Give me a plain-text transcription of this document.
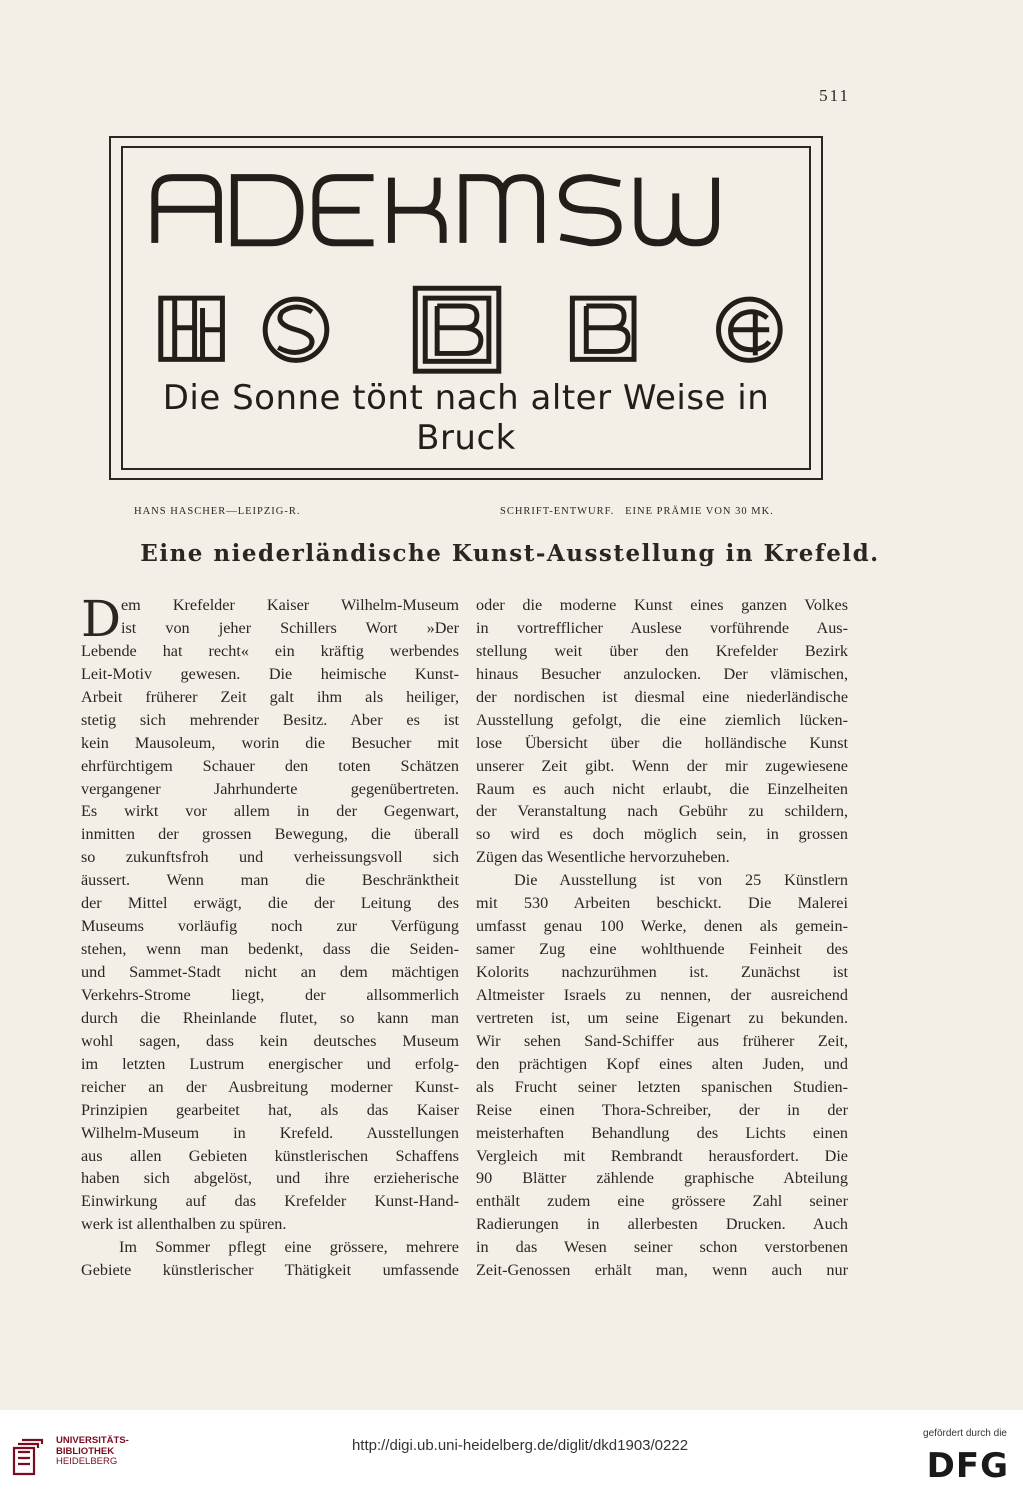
511
Die Sonne tönt nach alter Weise in Bruck
HANS HASCHER—LEIPZIG-R.	SCHRIFT-ENTWURF.   EINE PRÄMIE VON 30 MK.
Eine niederländische Kunst-Ausstellung in Krefeld.
D em Krefelder Kaiser Wilhelm-Museum
ist von jeher Schillers Wort »Der
Lebende hat recht« ein kräftig werbendes
Leit-Motiv gewesen. Die heimische Kunst-
Arbeit früherer Zeit galt ihm als heiliger,
stetig sich mehrender Besitz. Aber es ist
kein Mausoleum, worin die Besucher mit
ehrfürchtigem Schauer den toten Schätzen
vergangener Jahrhunderte gegenübertreten.
Es wirkt vor allem in der Gegenwart,
inmitten der grossen Bewegung, die überall
so zukunftsfroh und verheissungsvoll sich
äussert. Wenn man die Beschränktheit
der Mittel erwägt, die der Leitung des
Museums vorläufig noch zur Verfügung
stehen, wenn man bedenkt, dass die Seiden-
und Sammet-Stadt nicht an dem mächtigen
Verkehrs-Strome liegt, der allsommerlich
durch die Rheinlande flutet, so kann man
wohl sagen, dass kein deutsches Museum
im letzten Lustrum energischer und erfolg-
reicher an der Ausbreitung moderner Kunst-
Prinzipien gearbeitet hat, als das Kaiser
Wilhelm-Museum in Krefeld. Ausstellungen
aus allen Gebieten künstlerischen Schaffens
haben sich abgelöst, und ihre erzieherische
Einwirkung auf das Krefelder Kunst-Hand-
werk ist allenthalben zu spüren.
Im Sommer pflegt eine grössere, mehrere
Gebiete künstlerischer Thätigkeit umfassende
oder die moderne Kunst eines ganzen Volkes
in vortrefflicher Auslese vorführende Aus-
stellung weit über den Krefelder Bezirk
hinaus Besucher anzulocken. Der vlämischen,
der nordischen ist diesmal eine niederländische
Ausstellung gefolgt, die eine ziemlich lücken-
lose Übersicht über die holländische Kunst
unserer Zeit gibt. Wenn der mir zugewiesene
Raum es auch nicht erlaubt, die Einzelheiten
der Veranstaltung nach Gebühr zu schildern,
so wird es doch möglich sein, in grossen
Zügen das Wesentliche hervorzuheben.
Die Ausstellung ist von 25 Künstlern
mit 530 Arbeiten beschickt. Die Malerei
umfasst genau 100 Werke, denen als gemein-
samer Zug eine wohlthuende Feinheit des
Kolorits nachzurühmen ist. Zunächst ist
Altmeister Israels zu nennen, der ausreichend
vertreten ist, um seine Eigenart zu bekunden.
Wir sehen Sand-Schiffer aus früherer Zeit,
den prächtigen Kopf eines alten Juden, und
als Frucht seiner letzten spanischen Studien-
Reise einen Thora-Schreiber, der in der
meisterhaften Behandlung des Lichts einen
Vergleich mit Rembrandt herausfordert. Die
90 Blätter zählende graphische Abteilung
enthält zudem eine grössere Zahl seiner
Radierungen in allerbesten Drucken. Auch
in das Wesen seiner schon verstorbenen
Zeit-Genossen erhält man, wenn auch nur
UNIVERSITÄTS-
BIBLIOTHEK
HEIDELBERG
http://digi.ub.uni-heidelberg.de/diglit/dkd1903/0222
gefördert durch die
DFG
